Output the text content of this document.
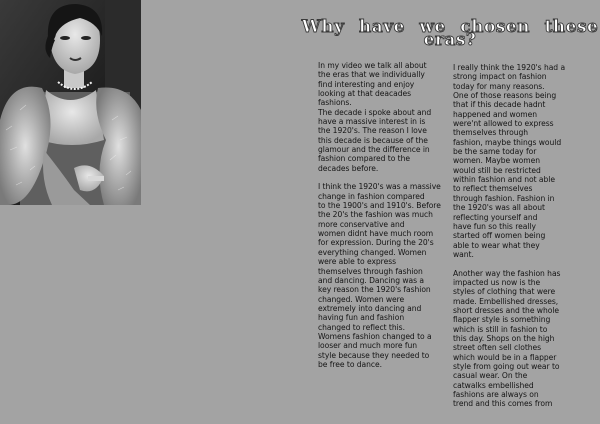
Why have we chosen these eras?

In my video we talk all about
the eras that we individually
find interesting and enjoy
looking at that deacades
fashions.
The decade i spoke about and
have a massive interest in is
the 1920's. The reason I love
this decade is because of the
glamour and the difference in
fashion compared to the
decades before.

I think the 1920's was a massive
change in fashion compared
to the 1900's and 1910's. Before
the 20's the fashion was much
more conservative and
women didnt have much room
for expression. During the 20's
everything changed. Women
were able to express
themselves through fashion
and dancing. Dancing was a
key reason the 1920's fashion
changed. Women were
extremely into dancing and
having fun and fashion
changed to reflect this.
Womens fashion changed to a
looser and much more fun
style because they needed to
be free to dance.

I really think the 1920's had a
strong impact on fashion
today for many reasons.
One of those reasons being
that if this decade hadnt
happened and women
were'nt allowed to express
themselves through
fashion, maybe things would
be the same today for
women. Maybe women
would still be restricted
within fashion and not able
to reflect themselves
through fashion. Fashion in
the 1920's was all about
reflecting yourself and
have fun so this really
started off women being
able to wear what they
want.

Another way the fashion has
impacted us now is the
styles of clothing that were
made. Embellished dresses,
short dresses and the whole
flapper style is something
which is still in fashion to
this day. Shops on the high
street often sell clothes
which would be in a flapper
style from going out wear to
casual wear. On the
catwalks embellished
fashions are always on
trend and this comes from
